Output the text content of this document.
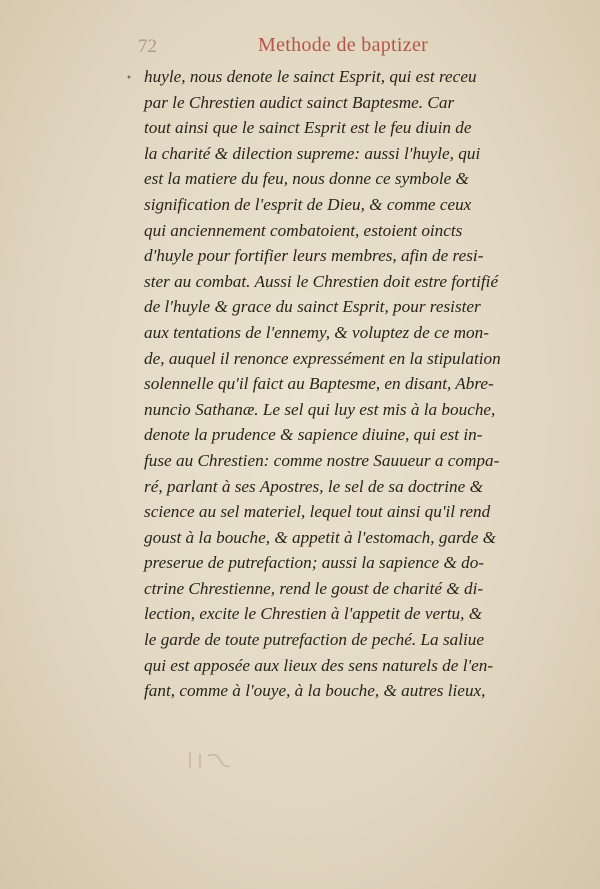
72	Methode de baptizer
• huyle, nous denote le sainct Esprit, qui est receu
par le Chrestien audict sainct Baptesme. Car
tout ainsi que le sainct Esprit est le feu diuin de
la charité & dilection supreme: aussi l'huyle, qui
est la matiere du feu, nous donne ce symbole &
signification de l'esprit de Dieu, & comme ceux
qui anciennement combatoient, estoient oincts
d'huyle pour fortifier leurs membres, afin de resi-
ster au combat. Aussi le Chrestien doit estre fortifié
de l'huyle & grace du sainct Esprit, pour resister
aux tentations de l'ennemy, & voluptez de ce mon-
de, auquel il renonce expressément en la stipulation
solennelle qu'il faict au Baptesme, en disant, Abre-
nuncio Sathanæ. Le sel qui luy est mis à la bouche,
denote la prudence & sapience diuine, qui est in-
fuse au Chrestien: comme nostre Sauueur a compa-
ré, parlant à ses Apostres, le sel de sa doctrine &
science au sel materiel, lequel tout ainsi qu'il rend
goust à la bouche, & appetit à l'estomach, garde &
preserue de putrefaction; aussi la sapience & do-
ctrine Chrestienne, rend le goust de charité & di-
lection, excite le Chrestien à l'appetit de vertu, &
le garde de toute putrefaction de peché. La saliue
qui est apposée aux lieux des sens naturels de l'en-
fant, comme à l'ouye, à la bouche, & autres lieux,
